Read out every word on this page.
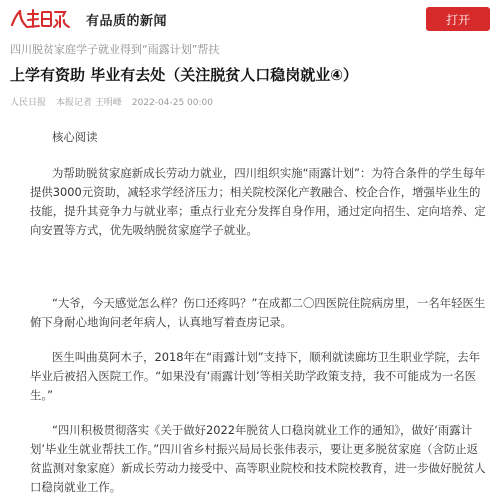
有品质的新闻	打开
四川脱贫家庭学子就业得到“雨露计划”帮扶
上学有资助 毕业有去处（关注脱贫人口稳岗就业④）
人民日报 本报记者 王明峰 2022-04-25 00:00

核心阅读

为帮助脱贫家庭新成长劳动力就业，四川组织实施“雨露计划”：为符合条件的学生每年提供3000元资助，减轻求学经济压力；相关院校深化产教融合、校企合作，增强毕业生的技能，提升其竞争力与就业率；重点行业充分发挥自身作用，通过定向招生、定向培养、定向安置等方式，优先吸纳脱贫家庭学子就业。

“大爷，今天感觉怎么样？伤口还疼吗？”在成都二〇四医院住院病房里，一名年轻医生俯下身耐心地询问老年病人，认真地写着查房记录。

医生叫曲莫阿木子，2018年在“雨露计划”支持下，顺利就读廊坊卫生职业学院，去年毕业后被招入医院工作。“如果没有‘雨露计划’等相关助学政策支持，我不可能成为一名医生。”

“四川积极贯彻落实《关于做好2022年脱贫人口稳岗就业工作的通知》，做好‘雨露计划’毕业生就业帮扶工作。”四川省乡村振兴局局长张伟表示，要让更多脱贫家庭（含防止返贫监测对象家庭）新成长劳动力接受中、高等职业院校和技术院校教育，进一步做好脱贫人口稳岗就业工作。
